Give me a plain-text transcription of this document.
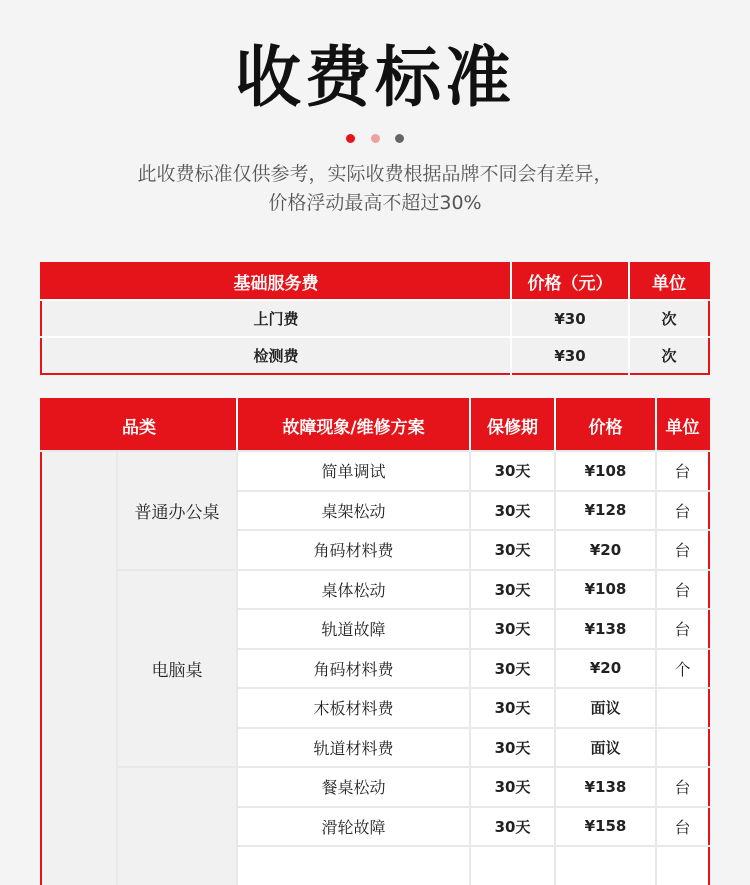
收费标准

此收费标准仅供参考，实际收费根据品牌不同会有差异，
价格浮动最高不超过30%
基础服务费	价格（元）	单位
上门费	¥30	次
检测费	¥30	次
品类		故障现象/维修方案	保修期	价格	单位
	普通办公桌	简单调试	30天	¥108	台
		桌架松动	30天	¥128	台
		角码材料费	30天	¥20	台
	电脑桌	桌体松动	30天	¥108	台
		轨道故障	30天	¥138	台
		角码材料费	30天	¥20	个
		木板材料费	30天	面议	
		轨道材料费	30天	面议	
		餐桌松动	30天	¥138	台
		滑轮故障	30天	¥158	台
